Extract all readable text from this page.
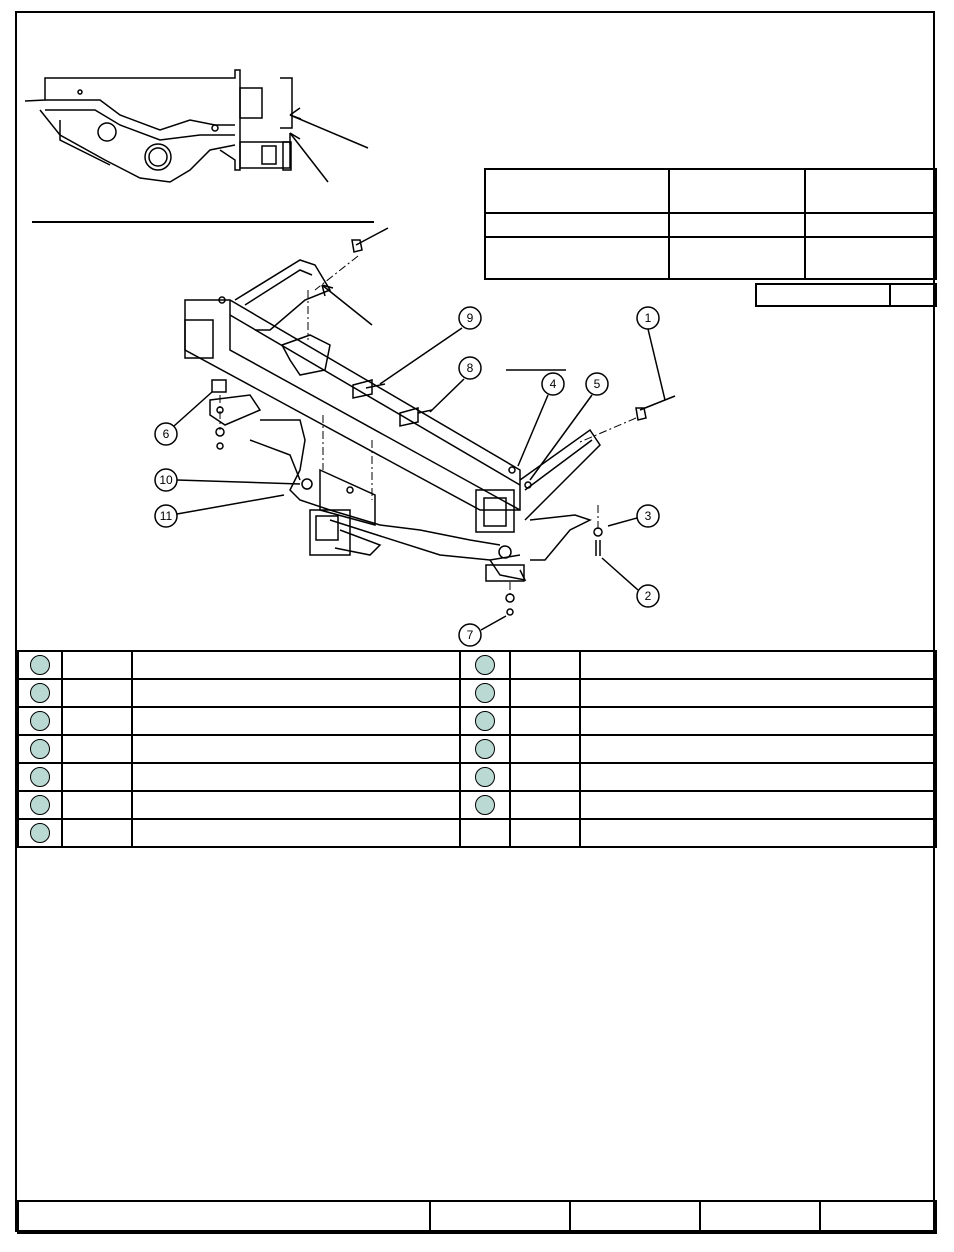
1
2
3
4	5
6
7
8
9
10
11
